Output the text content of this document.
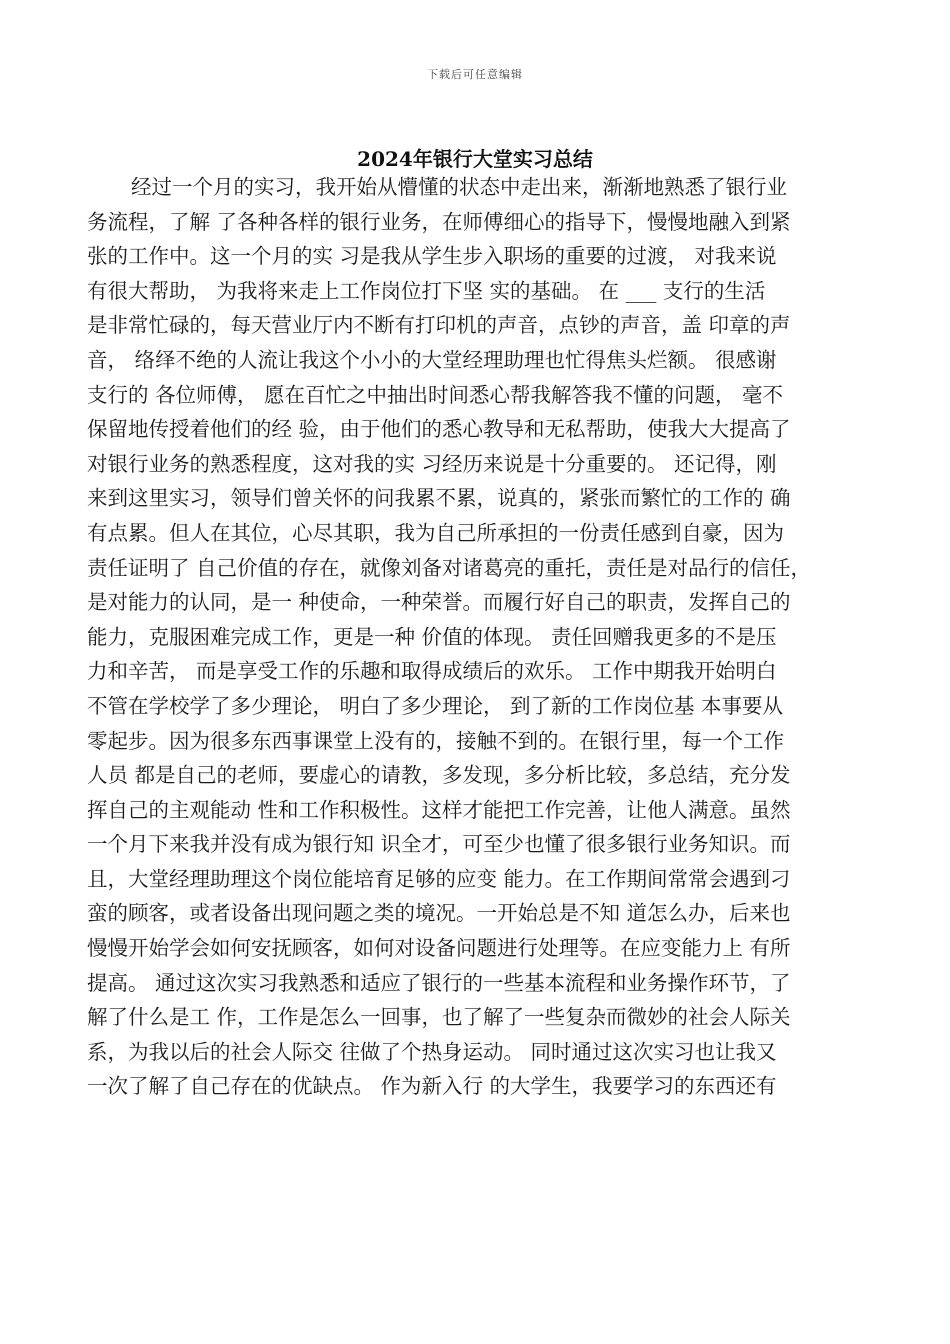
下载后可任意编辑
2024年银行大堂实习总结
经过一个月的实习，我开始从懵懂的状态中走出来，渐渐地熟悉了银行业
务流程，了解 了各种各样的银行业务，在师傅细心的指导下，慢慢地融入到紧
张的工作中。这一个月的实 习是我从学生步入职场的重要的过渡， 对我来说
有很大帮助， 为我将来走上工作岗位打下坚 实的基础。 在 ___ 支行的生活
是非常忙碌的，每天营业厅内不断有打印机的声音，点钞的声音，盖 印章的声
音， 络绎不绝的人流让我这个小小的大堂经理助理也忙得焦头烂额。 很感谢
支行的 各位师傅， 愿在百忙之中抽出时间悉心帮我解答我不懂的问题， 毫不
保留地传授着他们的经 验，由于他们的悉心教导和无私帮助，使我大大提高了
对银行业务的熟悉程度，这对我的实 习经历来说是十分重要的。 还记得，刚
来到这里实习，领导们曾关怀的问我累不累，说真的，紧张而繁忙的工作的 确
有点累。但人在其位，心尽其职，我为自己所承担的一份责任感到自豪，因为
责任证明了 自己价值的存在，就像刘备对诸葛亮的重托，责任是对品行的信任，
是对能力的认同，是一 种使命，一种荣誉。而履行好自己的职责，发挥自己的
能力，克服困难完成工作，更是一种 价值的体现。 责任回赠我更多的不是压
力和辛苦， 而是享受工作的乐趣和取得成绩后的欢乐。 工作中期我开始明白
不管在学校学了多少理论， 明白了多少理论， 到了新的工作岗位基 本事要从
零起步。因为很多东西事课堂上没有的，接触不到的。在银行里，每一个工作
人员 都是自己的老师，要虚心的请教，多发现，多分析比较，多总结，充分发
挥自己的主观能动 性和工作积极性。这样才能把工作完善，让他人满意。虽然
一个月下来我并没有成为银行知 识全才，可至少也懂了很多银行业务知识。而
且，大堂经理助理这个岗位能培育足够的应变 能力。在工作期间常常会遇到刁
蛮的顾客，或者设备出现问题之类的境况。一开始总是不知 道怎么办，后来也
慢慢开始学会如何安抚顾客，如何对设备问题进行处理等。在应变能力上 有所
提高。 通过这次实习我熟悉和适应了银行的一些基本流程和业务操作环节，了
解了什么是工 作，工作是怎么一回事，也了解了一些复杂而微妙的社会人际关
系，为我以后的社会人际交 往做了个热身运动。 同时通过这次实习也让我又
一次了解了自己存在的优缺点。 作为新入行 的大学生，我要学习的东西还有
